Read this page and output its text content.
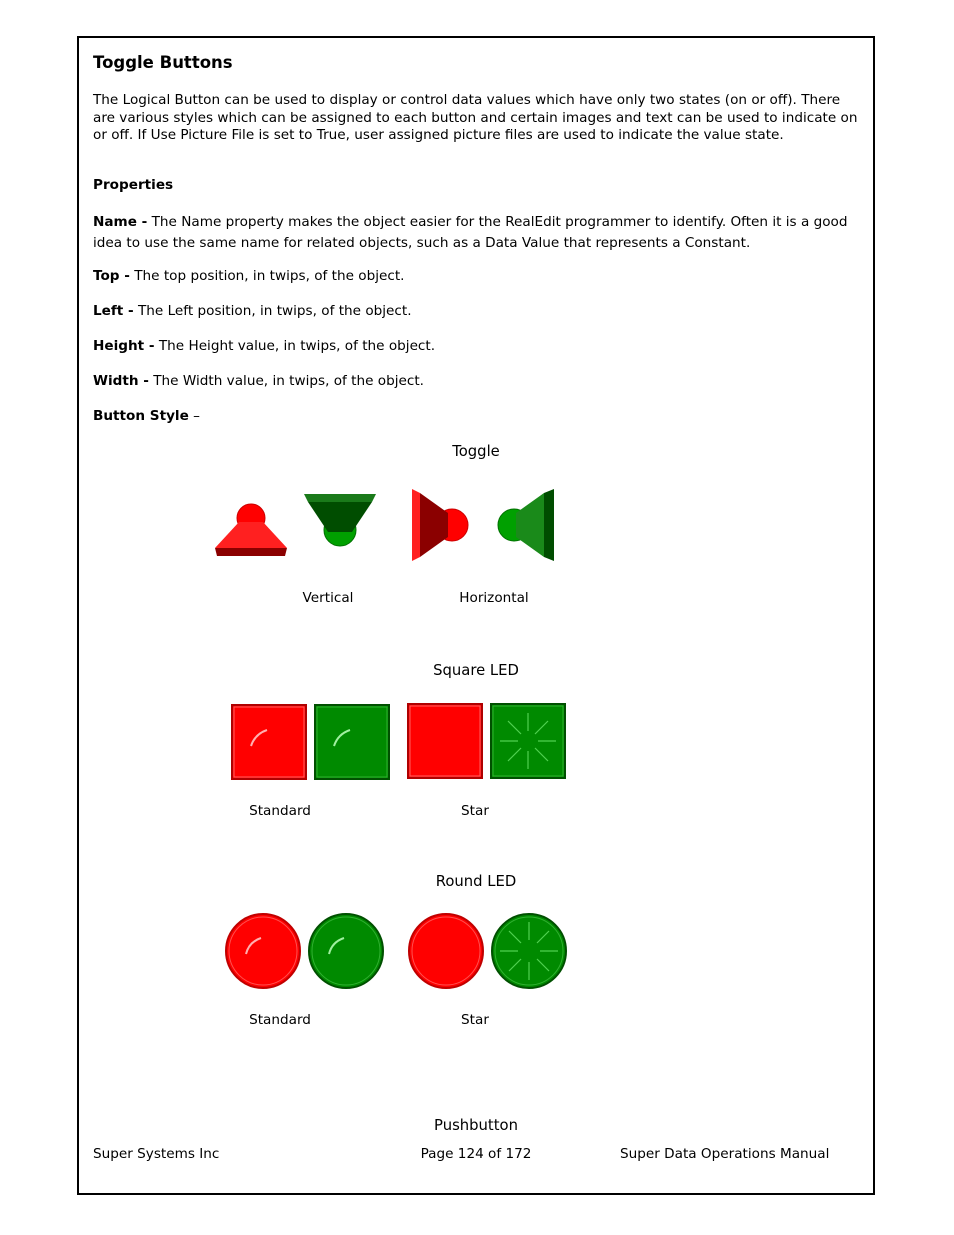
Toggle Buttons
The Logical Button can be used to display or control data values which have only two states (on or off). There are various styles which can be assigned to each button and certain images and text can be used to indicate on or off. If Use Picture File is set to True, user assigned picture files are used to indicate the value state.
Properties
Name - The Name property makes the object easier for the RealEdit programmer to identify. Often it is a good idea to use the same name for related objects, such as a Data Value that represents a Constant.
Top - The top position, in twips, of the object.
Left - The Left position, in twips, of the object.
Height - The Height value, in twips, of the object.
Width - The Width value, in twips, of the object.
Button Style –
Toggle
Vertical	Horizontal
Square LED
Standard	Star
Round LED
Standard	Star
Pushbutton
Super Systems Inc	Page 124 of 172	Super Data Operations Manual
